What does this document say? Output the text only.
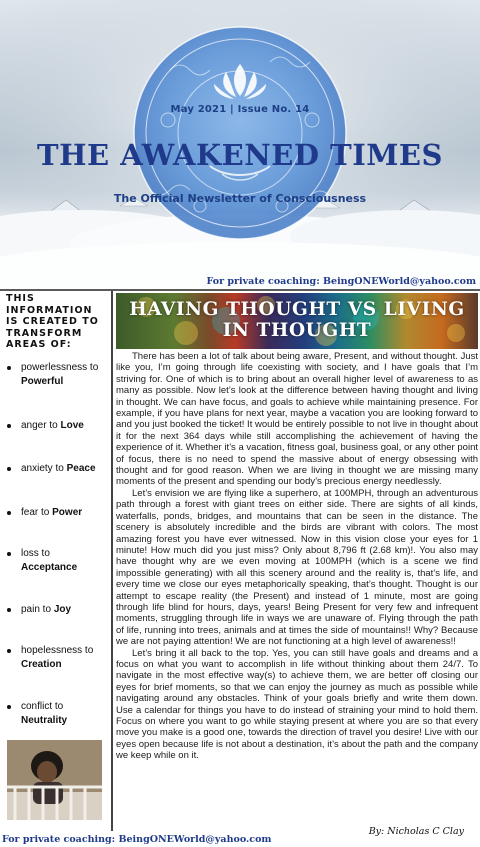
May 2021 | Issue No. 14
THE AWAKENED TIMES
The Official Newsletter of Consciousness
For private coaching: BeingONEWorld@yahoo.com
THIS INFORMATION IS CREATED TO TRANSFORM AREAS OF:
powerlessness to
Powerful
anger to Love
anxiety to Peace
fear to Power
loss to
Acceptance
pain to Joy
hopelessness to
Creation
conflict to
Neutrality
HAVING THOUGHT VS LIVING IN THOUGHT

There has been a lot of talk about being aware, Present, and without thought. Just like you, I’m going through life coexisting with society, and I have goals that I’m striving for. One of which is to bring about an overall higher level of awareness to as many as possible. Now let’s look at the difference between having thought and living in thought. We can have focus, and goals to achieve while maintaining presence. For example, if you have plans for next year, maybe a vacation you are looking forward to and you just booked the ticket! It would be entirely possible to not live in thought about it for the next 364 days while still accomplishing the achievement of having the experience of it. Whether it’s a vacation, fitness goal, business goal, or any other point of focus, there is no need to spend the massive about of energy obsessing with thought and for good reason. When we are living in thought we are missing many moments of the present and spending our body’s precious energy needlessly.

Let’s envision we are flying like a superhero, at 100MPH, through an adventurous path through a forest with giant trees on either side. There are sights of all kinds, waterfalls, ponds, bridges, and mountains that can be seen in the distance. The scenery is absolutely incredible and the birds are vibrant with colors. The most amazing forest you have ever witnessed. Now in this vision close your eyes for 1 minute! How much did you just miss? Only about 8,796 ft (2.68 km)!. You also may have thought why are we even moving at 100MPH (which is a scene we find impossible generating) with all this scenery around and the reality is, that’s life, and every time we close our eyes metaphorically speaking, that’s thought. Thought is our attempt to escape reality (the Present) and instead of 1 minute, most are going through life blind for hours, days, years! Being Present for very few and infrequent moments, struggling through life in ways we are unaware of. Flying through the path of life, running into trees, animals and at times the side of mountains!! Why? Because we are not paying attention! We are not functioning at a high level of awareness!!

Let’s bring it all back to the top. Yes, you can still have goals and dreams and a focus on what you want to accomplish in life without thinking about them 24/7. To navigate in the most effective way(s) to achieve them, we are better off closing our eyes for brief moments, so that we can enjoy the journey as much as possible while navigating around any obstacles. Think of your goals briefly and write them down. Use a calendar for things you have to do instead of straining your mind to hold them. Focus on where you want to go while staying present at where you are so that every move you make is a good one, towards the direction of travel you desire! Live with our eyes open because life is not about a destination, it’s about the path and the company we keep while on it.

By: Nicholas C Clay
For private coaching: BeingONEWorld@yahoo.com
